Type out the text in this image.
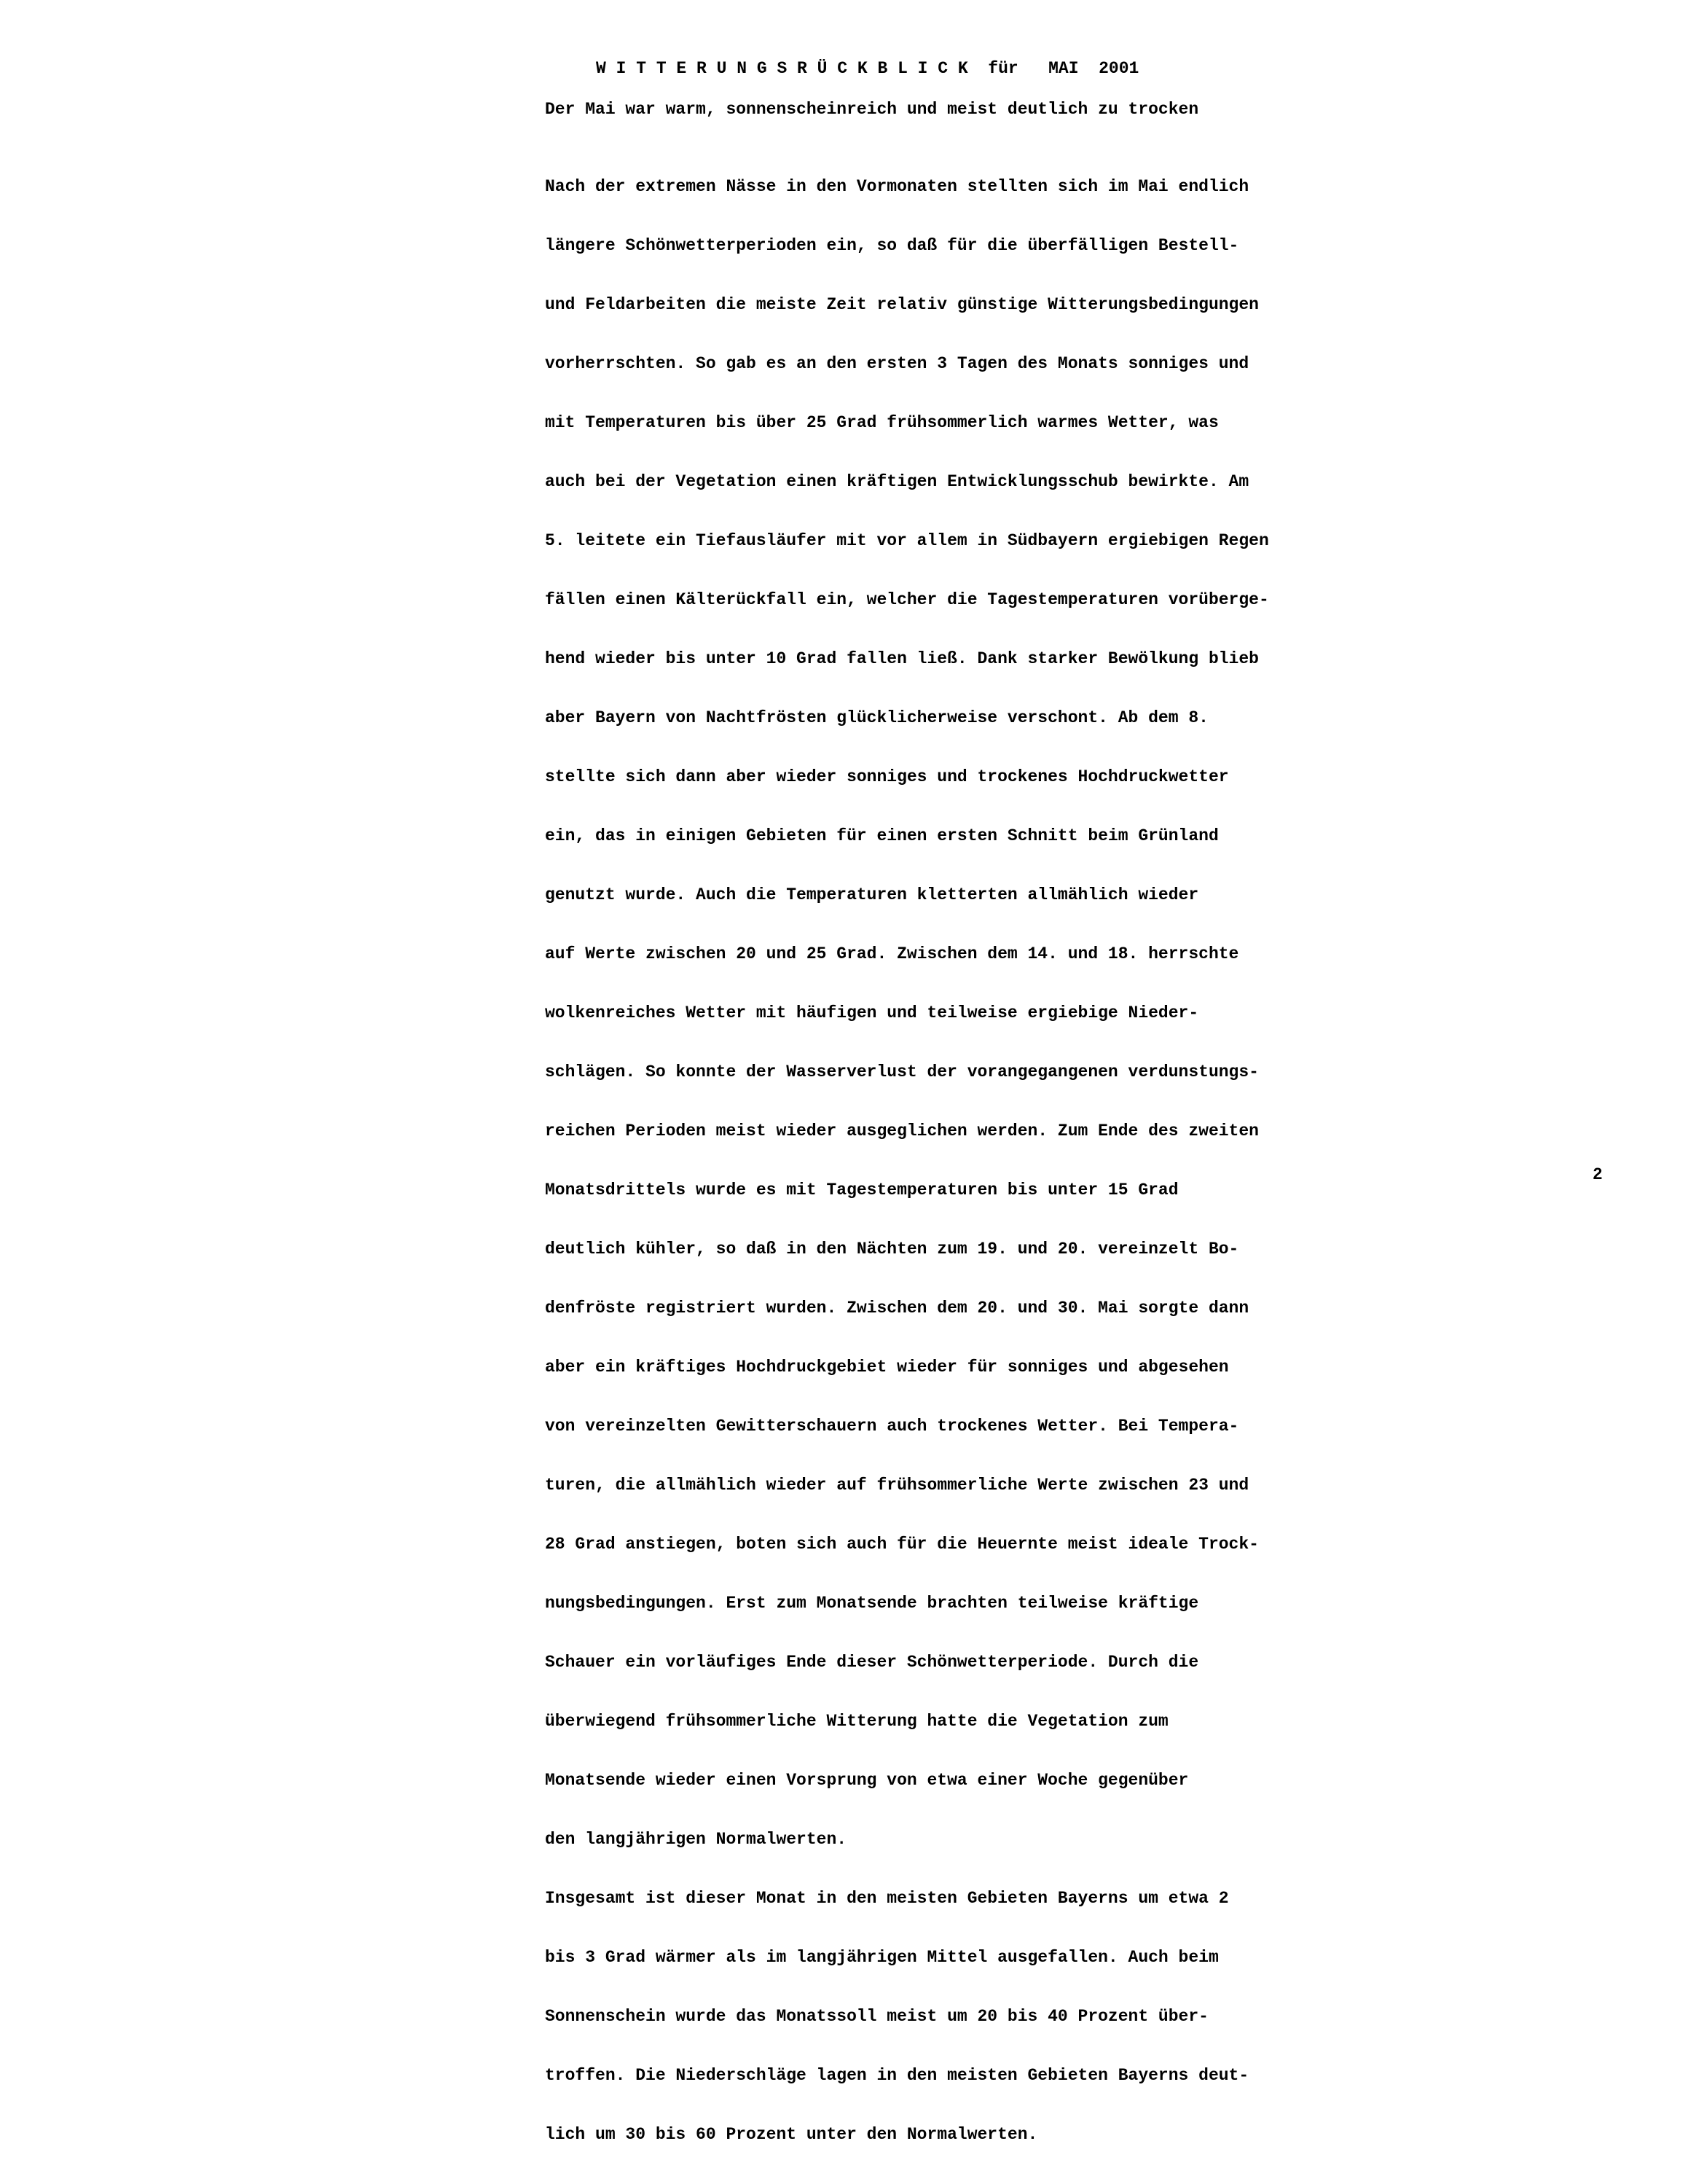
W I T T E R U N G S R Ü C K B L I C K  für   MAI  2001
Der Mai war warm, sonnenscheinreich und meist deutlich zu trocken

Nach der extremen Nässe in den Vormonaten stellten sich im Mai endlich

längere Schönwetterperioden ein, so daß für die überfälligen Bestell-

und Feldarbeiten die meiste Zeit relativ günstige Witterungsbedingungen

vorherrschten. So gab es an den ersten 3 Tagen des Monats sonniges und

mit Temperaturen bis über 25 Grad frühsommerlich warmes Wetter, was

auch bei der Vegetation einen kräftigen Entwicklungsschub bewirkte. Am

5. leitete ein Tiefausläufer mit vor allem in Südbayern ergiebigen Regen

fällen einen Kälterückfall ein, welcher die Tagestemperaturen vorüberge-

hend wieder bis unter 10 Grad fallen ließ. Dank starker Bewölkung blieb

aber Bayern von Nachtfrösten glücklicherweise verschont. Ab dem 8.

stellte sich dann aber wieder sonniges und trockenes Hochdruckwetter

ein, das in einigen Gebieten für einen ersten Schnitt beim Grünland

genutzt wurde. Auch die Temperaturen kletterten allmählich wieder

auf Werte zwischen 20 und 25 Grad. Zwischen dem 14. und 18. herrschte

wolkenreiches Wetter mit häufigen und teilweise ergiebige Nieder-

schlägen. So konnte der Wasserverlust der vorangegangenen verdunstungs-

reichen Perioden meist wieder ausgeglichen werden. Zum Ende des zweiten

Monatsdrittels wurde es mit Tagestemperaturen bis unter 15 Grad

deutlich kühler, so daß in den Nächten zum 19. und 20. vereinzelt Bo-

denfröste registriert wurden. Zwischen dem 20. und 30. Mai sorgte dann

aber ein kräftiges Hochdruckgebiet wieder für sonniges und abgesehen

von vereinzelten Gewitterschauern auch trockenes Wetter. Bei Tempera-

turen, die allmählich wieder auf frühsommerliche Werte zwischen 23 und

28 Grad anstiegen, boten sich auch für die Heuernte meist ideale Trock-

nungsbedingungen. Erst zum Monatsende brachten teilweise kräftige

Schauer ein vorläufiges Ende dieser Schönwetterperiode. Durch die

überwiegend frühsommerliche Witterung hatte die Vegetation zum

Monatsende wieder einen Vorsprung von etwa einer Woche gegenüber

den langjährigen Normalwerten.

Insgesamt ist dieser Monat in den meisten Gebieten Bayerns um etwa 2

bis 3 Grad wärmer als im langjährigen Mittel ausgefallen. Auch beim

Sonnenschein wurde das Monatssoll meist um 20 bis 40 Prozent über-

troffen. Die Niederschläge lagen in den meisten Gebieten Bayerns deut-

lich um 30 bis 60 Prozent unter den Normalwerten.

2
